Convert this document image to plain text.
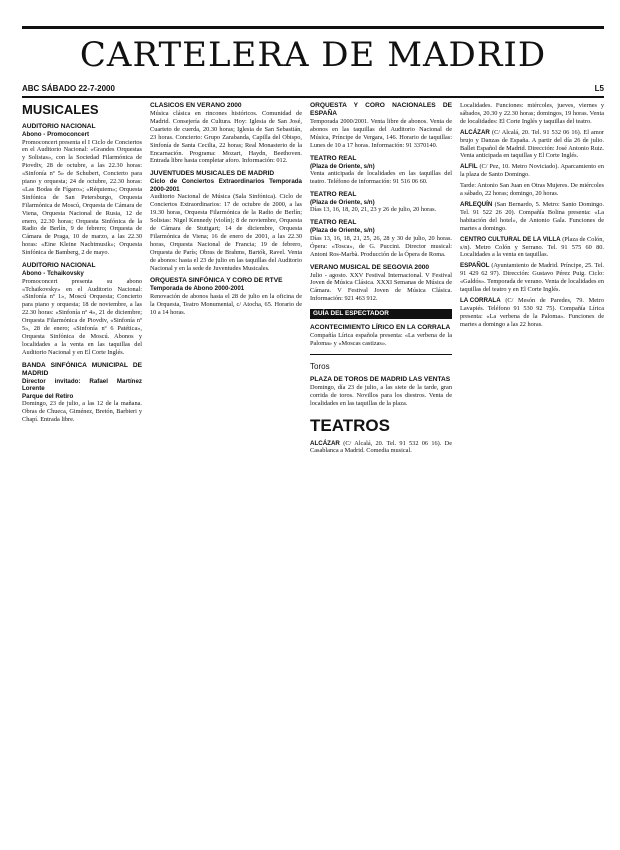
CARTELERA DE MADRID
ABC SÁBADO 22-7-2000	L5
MUSICALES
AUDITORIO NACIONAL
Abono - Promoconcert

Promoconcert presenta el I Ciclo de Conciertos en el Auditorio Nacional: «Grandes Orquestas y Solistas», con la Sociedad Filarmónica de Piovdiv, 28 de octubre, a las 22.30 horas: «Sinfonía nº 5» de Schubert, Concierto para piano y orquesta; 24 de octubre, 22.30 horas: «Las Bodas de Fígaro»; «Réquiem»; Orquesta Sinfónica de San Petersburgo, Orquesta Filarmónica de Moscú, Orquesta de Cámara de Viena, Orquesta Nacional de Rusia, 12 de enero, 22.30 horas; Orquesta Sinfónica de la Radio de Berlín, 9 de febrero; Orquesta de Cámara de Praga, 10 de marzo, a las 22.30 horas: «Eine Kleine Nachtmusik»; Orquesta Sinfónica de Bamberg, 2 de mayo.

AUDITORIO NACIONAL
Abono - Tchaikovsky

Promoconcert presenta su abono «Tchaikovsky» en el Auditorio Nacional: «Sinfonía nº 1», Moscú Orquesta; Concierto para piano y orquesta; 18 de noviembre, a las 22.30 horas: «Sinfonía nº 4», 21 de diciembre; Orquesta Filarmónica de Piovdiv, «Sinfonía nº 5», 28 de enero; «Sinfonía nº 6 Patética», Orquesta Sinfónica de Moscú. Abonos y localidades a la venta en las taquillas del Auditorio Nacional y en El Corte Inglés.

BANDA SINFÓNICA MUNICIPAL DE MADRID
Director invitado: Rafael Martínez Lorente
Parque del Retiro

Domingo, 23 de julio, a las 12 de la mañana. Obras de Chueca, Giménez, Bretón, Barbieri y Chapí. Entrada libre.

CLÁSICOS EN VERANO 2000

Música clásica en rincones históricos. Comunidad de Madrid. Consejería de Cultura. Hoy: Iglesia de San José, Cuarteto de cuerda, 20.30 horas; Iglesia de San Sebastián, 23 horas. Concierto: Grupo Zarabanda, Capilla del Obispo, Sinfonía de Santa Cecilia, 22 horas; Real Monasterio de la Encarnación. Programa: Mozart, Haydn, Beethoven. Entrada libre hasta completar aforo. Información: 012.

JUVENTUDES MUSICALES DE MADRID
Ciclo de Conciertos Extraordinarios Temporada 2000-2001

Auditorio Nacional de Música (Sala Sinfónica). Ciclo de Conciertos Extraordinarios: 17 de octubre de 2000, a las 19.30 horas, Orquesta Filarmónica de la Radio de Berlín; Solistas: Nigel Kennedy (violín); 8 de noviembre, Orquesta de Cámara de Stuttgart; 14 de diciembre, Orquesta Filarmónica de Viena; 16 de enero de 2001, a las 22.30 horas, Orquesta Nacional de Francia; 19 de febrero, Orquesta de París; Obras de Brahms, Bartók, Ravel. Venta de abonos: hasta el 23 de julio en las taquillas del Auditorio Nacional y en la sede de Juventudes Musicales.

ORQUESTA SINFÓNICA Y CORO DE RTVE
Temporada de Abono 2000-2001

Renovación de abonos hasta el 28 de julio en la oficina de la Orquesta, Teatro Monumental, c/ Atocha, 65. Horario de 10 a 14 horas.

ORQUESTA Y CORO NACIONALES DE ESPAÑA

Temporada 2000/2001. Venta libre de abonos. Venta de abonos en las taquillas del Auditorio Nacional de Música, Príncipe de Vergara, 146. Horario de taquillas: Lunes de 10 a 17 horas. Información: 91 3370140.

TEATRO REAL
(Plaza de Oriente, s/n)

Venta anticipada de localidades en las taquillas del teatro. Teléfono de información: 91 516 06 60.

TEATRO REAL
(Plaza de Oriente, s/n)

Días 13, 16, 18, 20, 21, 23 y 26 de julio, 20 horas.

TEATRO REAL
(Plaza de Oriente, s/n)

Días 13, 16, 18, 21, 25, 26, 28 y 30 de julio, 20 horas. Ópera: «Tosca», de G. Puccini. Director musical: Antoni Ros-Marbà. Producción de la Ópera de Roma.

VERANO MUSICAL DE SEGOVIA 2000

Julio - agosto. XXV Festival Internacional. V Festival Joven de Música Clásica. XXXI Semanas de Música de Cámara. V Festival Joven de Música Clásica. Información: 921 463 912.

GUÍA DEL ESPECTADOR
ACONTECIMIENTO LÍRICO EN LA CORRALA

Compañía Lírica española presenta: «La verbena de la Paloma» y «Moscas castizas».

Toros
PLAZA DE TOROS DE MADRID LAS VENTAS

Domingo, día 23 de julio, a las siete de la tarde, gran corrida de toros. Novillos para los diestros. Venta de localidades en las taquillas de la plaza.

TEATROS
ALCÁZAR (C/ Alcalá, 20. Tel. 91 532 06 16). De Casablanca a Madrid. Comedia musical.

Localidades. Funciones: miércoles, jueves, viernes y sábados, 20.30 y 22.30 horas; domingos, 19 horas. Venta de localidades: El Corte Inglés y taquillas del teatro.

ALCÁZAR (C/ Alcalá, 20. Tel. 91 532 06 16). El amor brujo y Danzas de España. A partir del día 26 de julio. Ballet Español de Madrid. Dirección: José Antonio Ruiz. Venta anticipada en taquillas y El Corte Inglés.

ALFIL (C/ Pez, 10. Metro Noviciado). Aparcamiento en la plaza de Santo Domingo.

Tarde: Antonio San Juan en Otras Mujeres. De miércoles a sábado, 22 horas; domingo, 20 horas.

ARLEQUÍN (San Bernardo, 5. Metro: Santo Domingo. Tel. 91 522 26 20). Compañía Bolina presenta: «La habitación del hotel», de Antonio Gala. Funciones de martes a domingo.

CENTRO CULTURAL DE LA VILLA (Plaza de Colón, s/n). Metro Colón y Serrano. Tel. 91 575 60 80. Localidades a la venta en taquillas.

ESPAÑOL (Ayuntamiento de Madrid. Príncipe, 25. Tel. 91 429 62 97). Dirección: Gustavo Pérez Puig. Ciclo: «Galdós». Temporada de verano. Venta de localidades en taquillas del teatro y en El Corte Inglés.

LA CORRALA (C/ Mesón de Paredes, 79. Metro Lavapiés. Teléfono 91 530 92 75). Compañía Lírica presenta: «La verbena de la Paloma». Funciones de martes a domingo a las 22 horas.
